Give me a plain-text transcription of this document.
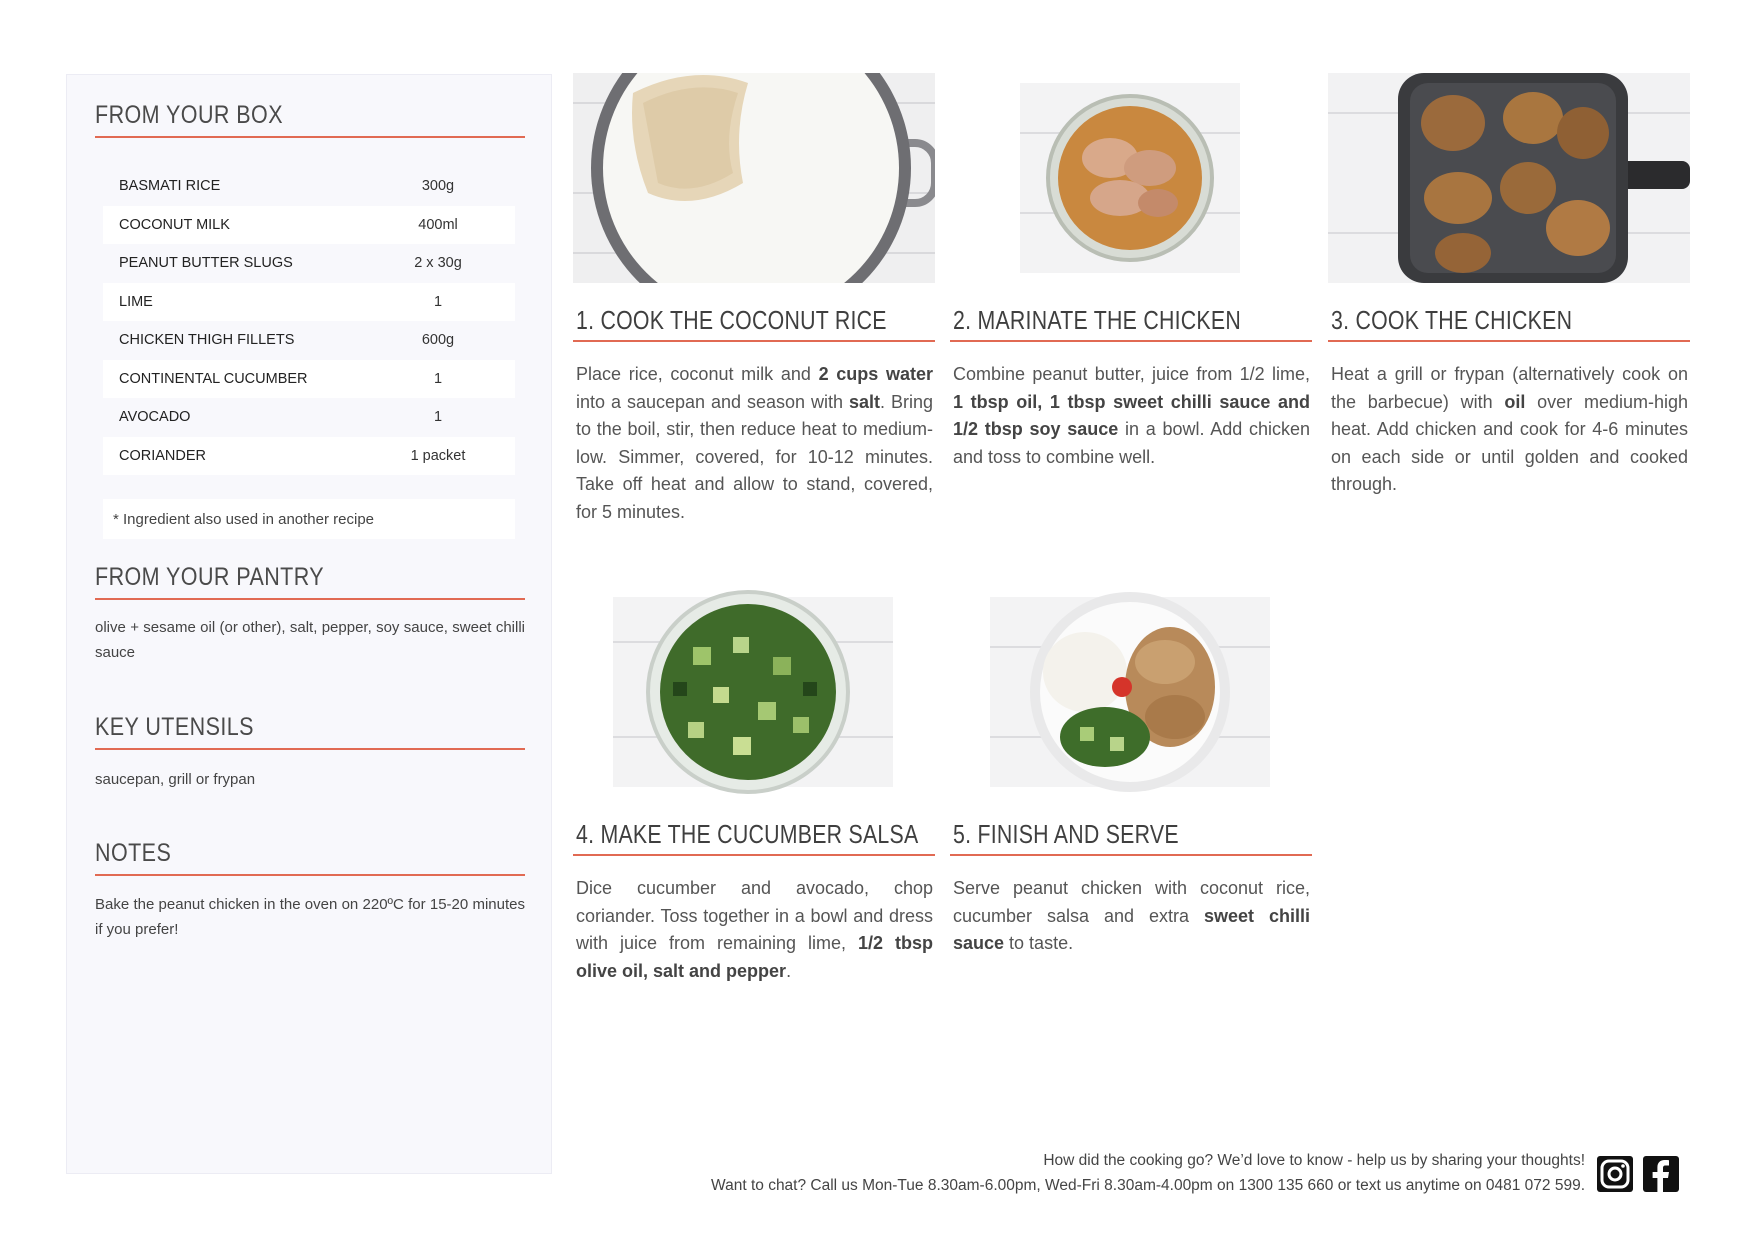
FROM YOUR BOX
BASMATI RICE	300g
COCONUT MILK	400ml
PEANUT BUTTER SLUGS	2 x 30g
LIME	1
CHICKEN THIGH FILLETS	600g
CONTINENTAL CUCUMBER	1
AVOCADO	1
CORIANDER	1 packet
* Ingredient also used in another recipe
FROM YOUR PANTRY
olive + sesame oil (or other), salt, pepper, soy sauce, sweet chilli sauce
KEY UTENSILS
saucepan, grill or frypan
NOTES
Bake the peanut chicken in the oven on 220ºC for 15-20 minutes if you prefer!
1. COOK THE COCONUT RICE
Place rice, coconut milk and 2 cups water into a saucepan and season with salt. Bring to the boil, stir, then reduce heat to medium-low. Simmer, covered, for 10-12 minutes. Take off heat and allow to stand, covered, for 5 minutes.
2. MARINATE THE CHICKEN
Combine peanut butter, juice from 1/2 lime, 1 tbsp oil, 1 tbsp sweet chilli sauce and 1/2 tbsp soy sauce in a bowl. Add chicken and toss to combine well.
3. COOK THE CHICKEN
Heat a grill or frypan (alternatively cook on the barbecue) with oil over medium-high heat. Add chicken and cook for 4-6 minutes on each side or until golden and cooked through.
4. MAKE THE CUCUMBER SALSA
Dice cucumber and avocado, chop coriander. Toss together in a bowl and dress with juice from remaining lime, 1/2 tbsp olive oil, salt and pepper.
5. FINISH AND SERVE
Serve peanut chicken with coconut rice, cucumber salsa and extra sweet chilli sauce to taste.
How did the cooking go? We’d love to know - help us by sharing your thoughts!
Want to chat? Call us Mon-Tue 8.30am-6.00pm, Wed-Fri 8.30am-4.00pm on 1300 135 660 or text us anytime on 0481 072 599.
